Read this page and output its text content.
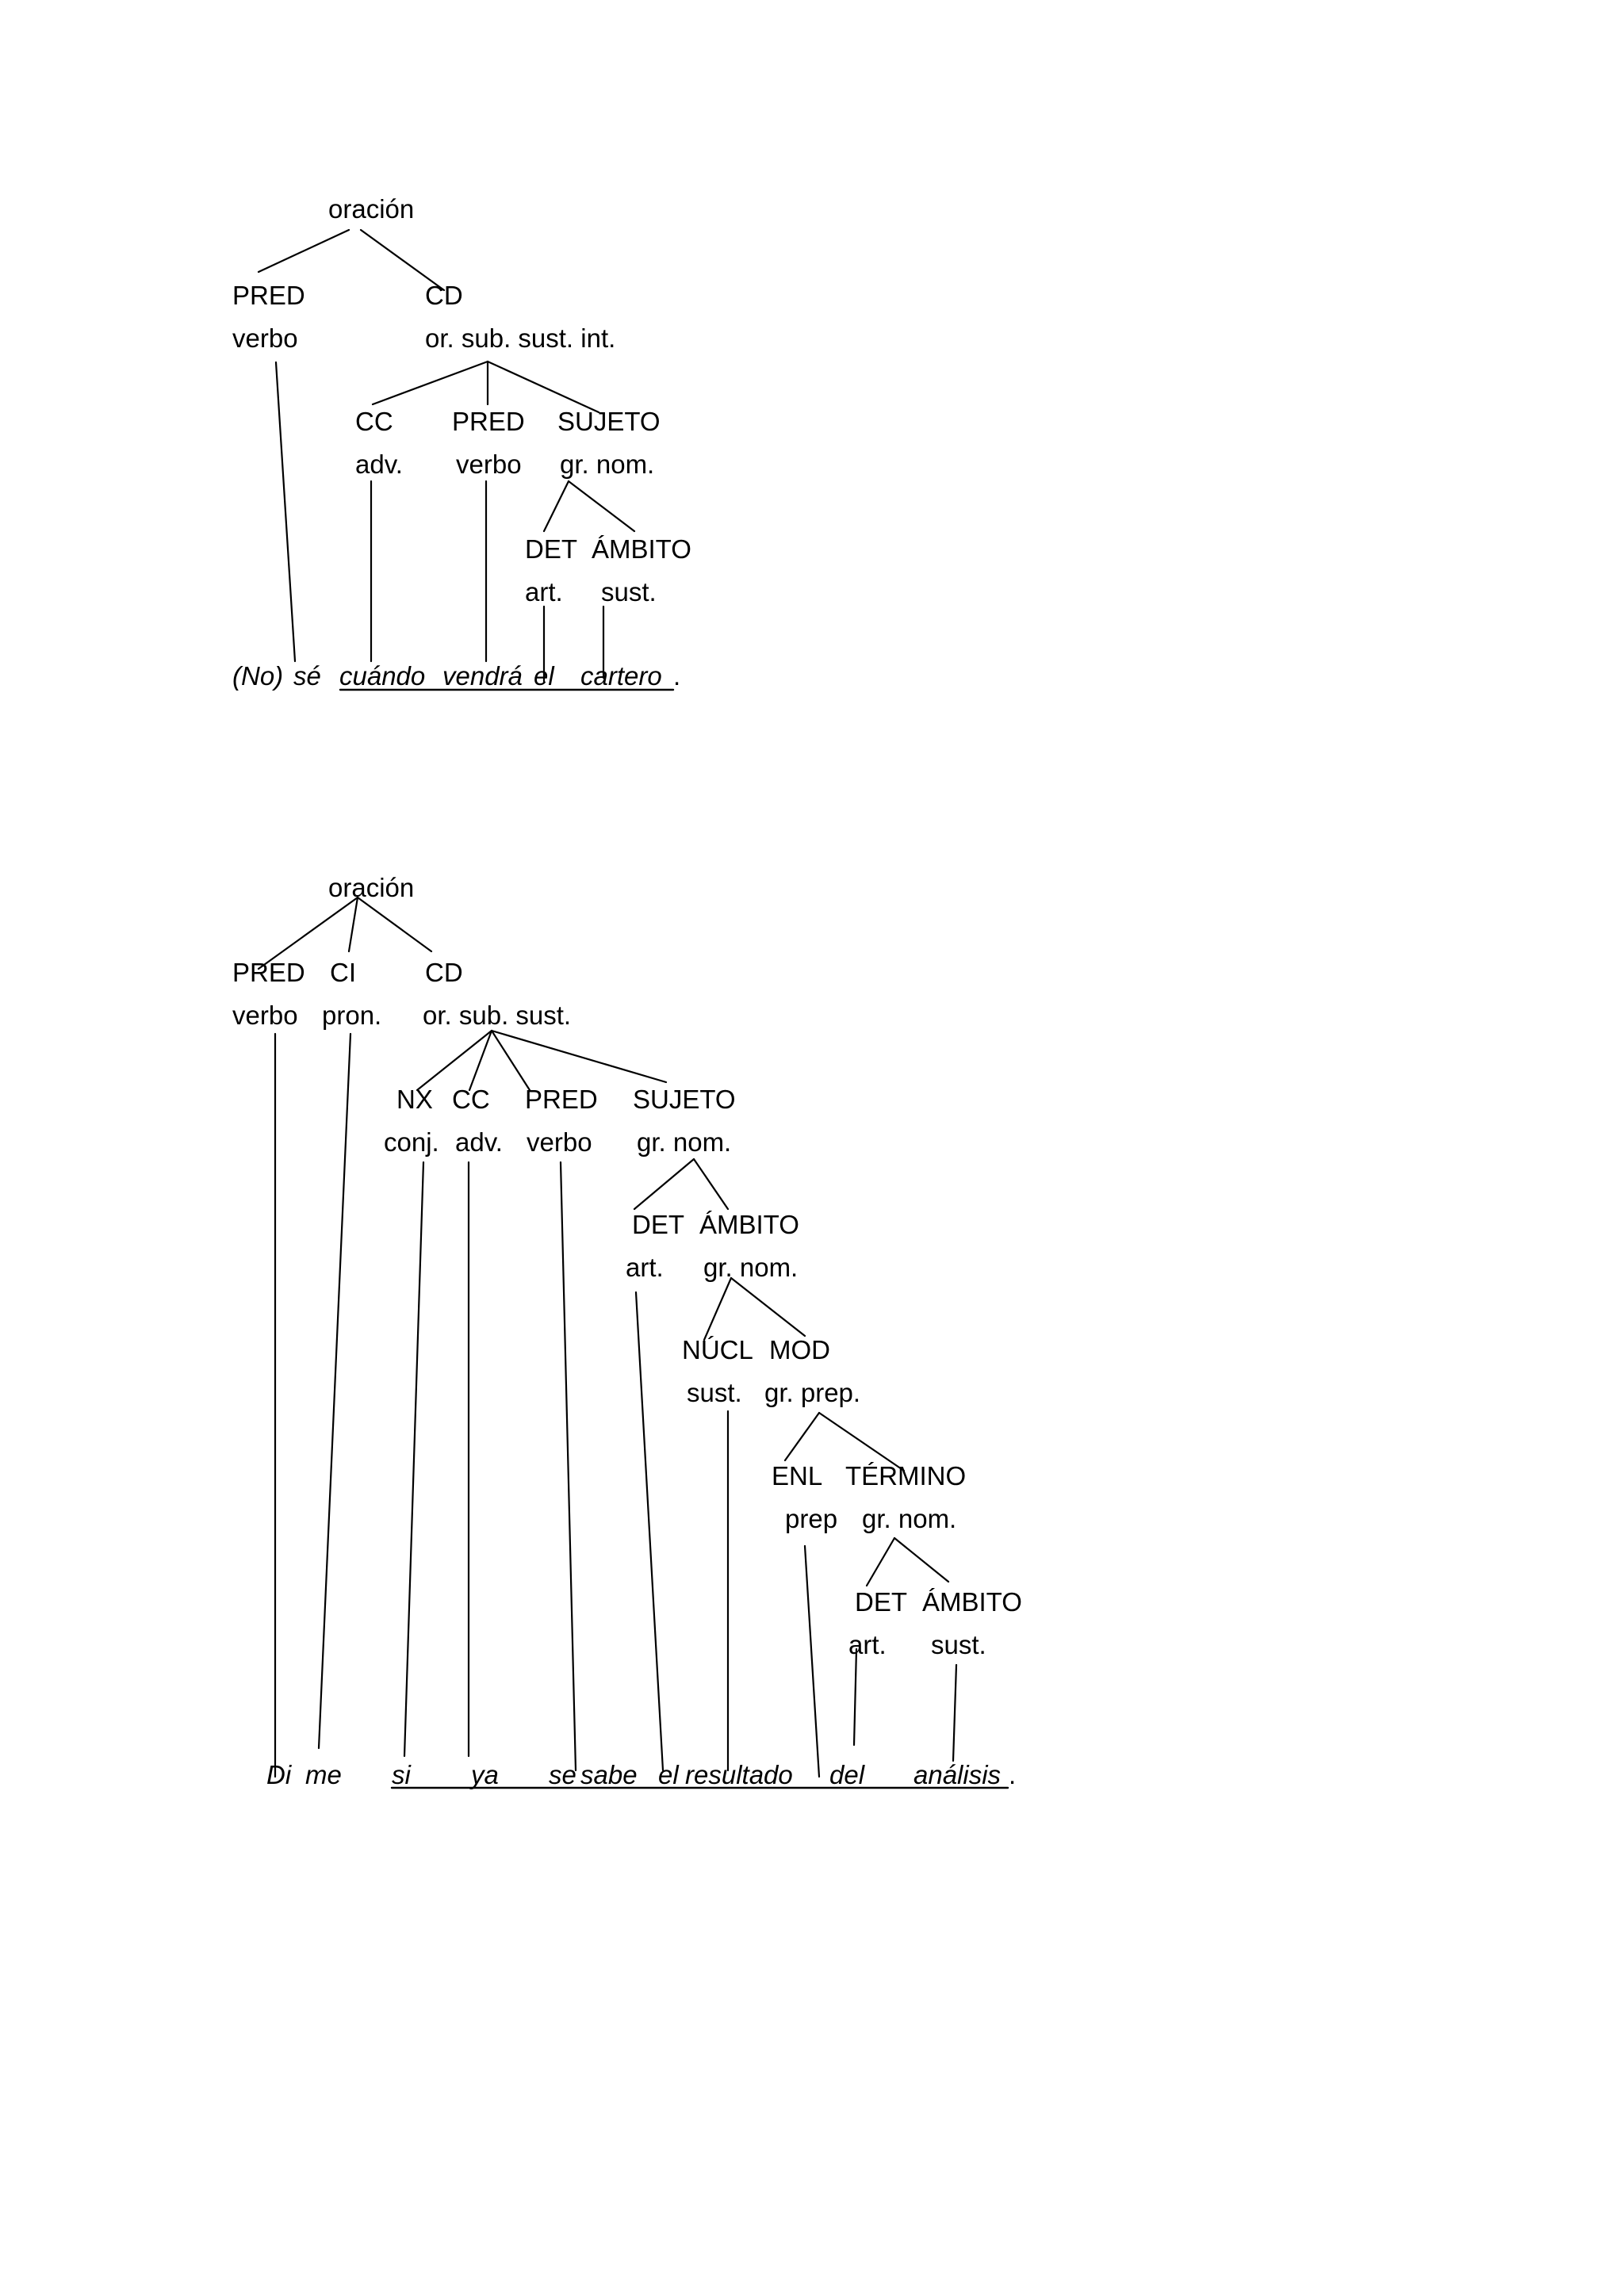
oración
PRED
verbo
CD
or. sub. sust. int.
CC
adv.
PRED
verbo
SUJETO
gr. nom.
DET
art.
ÁMBITO
sust.
(No) sé cuándo vendrá el cartero .
oración
PRED
verbo
CI
pron.
CD
or. sub. sust.
NX
conj.
CC
adv.
PRED
verbo
SUJETO
gr. nom.
DET
art.
ÁMBITO
gr. nom.
NÚCL
sust.
MOD
gr. prep.
ENL
prep
TÉRMINO
gr. nom.
DET
art.
ÁMBITO
sust.
Di me si ya se sabe el resultado del análisis .
